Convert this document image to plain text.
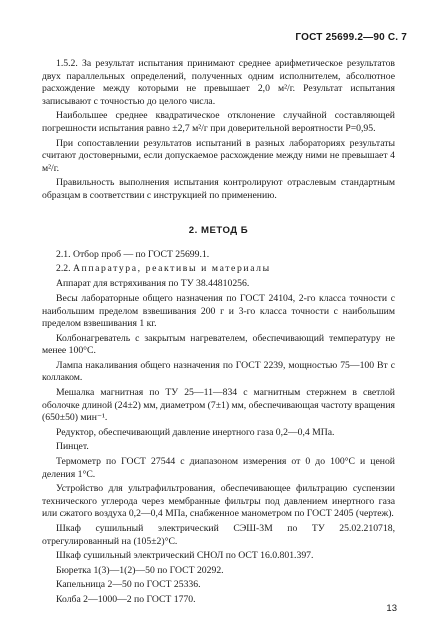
ГОСТ 25699.2—90 С. 7

1.5.2. За результат испытания принимают среднее арифметическое результатов двух параллельных определений, полученных одним исполнителем, абсолютное расхождение между которыми не превышает 2,0 м²/г. Результат испытания записывают с точностью до целого числа.

Наибольшее среднее квадратическое отклонение случайной составляющей погрешности испытания равно ±2,7 м²/г при доверительной вероятности P=0,95.

При сопоставлении результатов испытаний в разных лабораториях результаты считают достоверными, если допускаемое расхождение между ними не превышает 4 м²/г.

Правильность выполнения испытания контролируют отраслевым стандартным образцам в соответствии с инструкцией по применению.

2. МЕТОД Б

2.1. Отбор проб — по ГОСТ 25699.1.

2.2. Аппаратура, реактивы и материалы

Аппарат для встряхивания по ТУ 38.44810256.

Весы лабораторные общего назначения по ГОСТ 24104, 2-го класса точности с наибольшим пределом взвешивания 200 г и 3-го класса точности с наибольшим пределом взвешивания 1 кг.

Колбонагреватель с закрытым нагревателем, обеспечивающий температуру не менее 100°С.

Лампа накаливания общего назначения по ГОСТ 2239, мощностью 75—100 Вт с коллаком.

Мешалка магнитная по ТУ 25—11—834 с магнитным стержнем в светлой оболочке длиной (24±2) мм, диаметром (7±1) мм, обеспечивающая частоту вращения (650±50) мин⁻¹.

Редуктор, обеспечивающий давление инертного газа 0,2—0,4 МПа.

Пинцет.

Термометр по ГОСТ 27544 с диапазоном измерения от 0 до 100°С и ценой деления 1°С.

Устройство для ультрафильтрования, обеспечивающее фильтрацию суспензии технического углерода через мембранные фильтры под давлением инертного газа или сжатого воздуха 0,2—0,4 МПа, снабженное манометром по ГОСТ 2405 (чертеж).

Шкаф сушильный электрический СЭШ-3М по ТУ 25.02.210718, отрегулированный на (105±2)°С.

Шкаф сушильный электрический СНОЛ по ОСТ 16.0.801.397.

Бюретка 1(3)—1(2)—50 по ГОСТ 20292.

Капельница 2—50 по ГОСТ 25336.

Колба 2—1000—2 по ГОСТ 1770.

13
